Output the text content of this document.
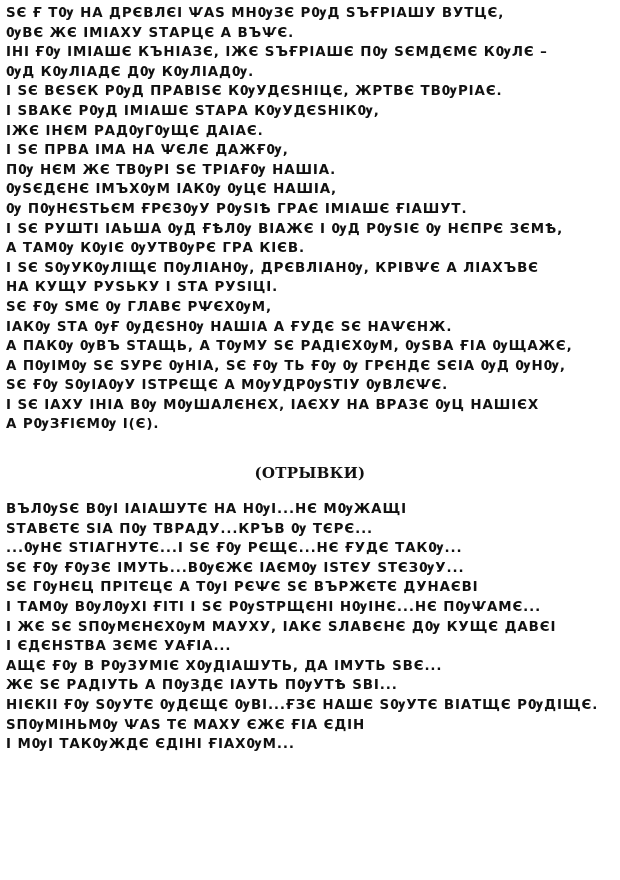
ЅЄ Ғ ТѸ НА ДРЄВЛЄІ ѰАЅ МНѸЗЄ РѸД ЅЪҒРІАШУ ВУТЦЄ,
ѸВЄ ЖЄ ІМІАХУ ЅТАРЦЄ А ВЪѰЄ.
ІНІ ҒѸ ІМІАШЄ КЪНІАЗЄ, ІЖЄ ЅЪҒРІАШЄ ПѸ ЅЄМДЄМЄ КѸЛЄ –
ѸД КѸЛІАДЄ ДѸ КѸЛІАДѸ.
І ЅЄ ВЄЅЄК РѸД ПРАВІЅЄ КѸУДЄЅНІЦЄ, ЖРТВЄ ТВѸРІАЄ.
І ЅВАКЄ РѸД ІМІАШЄ ЅТАРА КѸУДЄЅНІКѸ,
ІЖЄ ІНЄМ РАДѸГѸЩЄ ДАІАЄ.
І ЅЄ ПРВА ІМА НА ѰЄЛЄ ДАЖҒѸ,
ПѸ НЄМ ЖЄ ТВѸРІ ЅЄ ТРІАҒѸ НАШІА.
ѸЅЄДЄНЄ ІМЪХѸМ ІАКѸ ѸЦЄ НАШІА,
Ѹ ПѸНЄЅТЬЄМ ҒРЄЗѸУ РѸЅІѢ ГРАЄ ІМІАШЄ ҒІАШУТ.
І ЅЄ РУШТІ ІАЬША ѸД ҒѢЛѸ ВІАЖЄ І ѸД РѸЅІЄ Ѹ НЄПРЄ ЗЄМѢ,
А ТАМѸ КѸІЄ ѸУТВѸРЄ ГРА КІЄВ.
І ЅЄ ЅѸУКѸЛІЩЄ ПѸЛІАНѸ, ДРЄВЛІАНѸ, КРІВѰЄ А ЛІАХЪВЄ
НА КУЩУ РУЅЬКУ І ЅТА РУЅІЦІ.
ЅЄ ҒѸ ЅМЄ Ѹ ГЛАВЄ РѰЄХѸМ,
ІАКѸ ЅТА ѸҒ ѸДЄЅНѸ НАШІА А ҒУДЄ ЅЄ НАѰЄНЖ.
А ПАКѸ ѸВЪ ЅТАЩЬ, А ТѸМУ ЅЄ РАДІЄХѸМ, ѸЅВА ҒІА ѸЩАЖЄ,
А ПѸІМѸ ЅЄ ЅУРЄ ѸНІА, ЅЄ ҒѸ ТЬ ҒѸ Ѹ ГРЄНДЄ ЅЄІА ѸД ѸНѸ,
ЅЄ ҒѸ ЅѸІАѸУ ІЅТРЄЩЄ А МѸУДРѸЅТІУ ѸВЛЄѰЄ.
І ЅЄ ІАХУ ІНІА ВѸ МѸШАЛЄНЄХ, ІАЄХУ НА ВРАЗЄ ѸЦ НАШІЄХ
А РѸЗҒІЄМѸ І(Є).
(ОТРЫВКИ)
ВЪЛѸЅЄ ВѸІ ІАІАШУТЄ НА НѸІ...НЄ МѸЖАЩІ
ЅТАВЄТЄ ЅІА ПѸ ТВРАДУ...КРЪВ Ѹ ТЄРЄ...
...ѸНЄ ЅТІАГНУТЄ...І ЅЄ ҒѸ РЄЩЄ...НЄ ҒУДЄ ТАКѸ...
ЅЄ ҒѸ ҒѸЗЄ ІМУТЬ...ВѸЄЖЄ ІАЄМѸ ІЅТЄУ ЅТЄЗѸУ...
ЅЄ ГѸНЄЦ ПРІТЄЦЄ А ТѸІ РЄѰЄ ЅЄ ВЪРЖЄТЄ ДУНАЄВІ
І ТАМѸ ВѸЛѸХІ ҒІТІ І ЅЄ РѸЅТРЩЄНІ НѸІНЄ...НЄ ПѸѰАМЄ...
І ЖЄ ЅЄ ЅПѸМЄНЄХѸМ МАУХУ, ІАКЄ ЅЛАВЄНЄ ДѸ КУЩЄ ДАВЄІ
І ЄДЄНЅТВА ЗЄМЄ УАҒІА...
АЩЄ ҒѸ В РѸЗУМІЄ ХѸДІАШУТЬ, ДА ІМУТЬ ЅВЄ...
ЖЄ ЅЄ РАДІУТЬ А ПѸЗДЄ ІАУТЬ ПѸУТѢ ЅВІ...
НІЄКІІ ҒѸ ЅѸУТЄ ѸДЄЩЄ ѸВІ...ҒЗЄ НАШЄ ЅѸУТЄ ВІАТЩЄ РѸДІЩЄ.
ЅПѸМІНЬМѸ ѰАЅ ТЄ МАХУ ЄЖЄ ҒІА ЄДІН
І МѸІ ТАКѸЖДЄ ЄДІНІ ҒІАХѸМ...
